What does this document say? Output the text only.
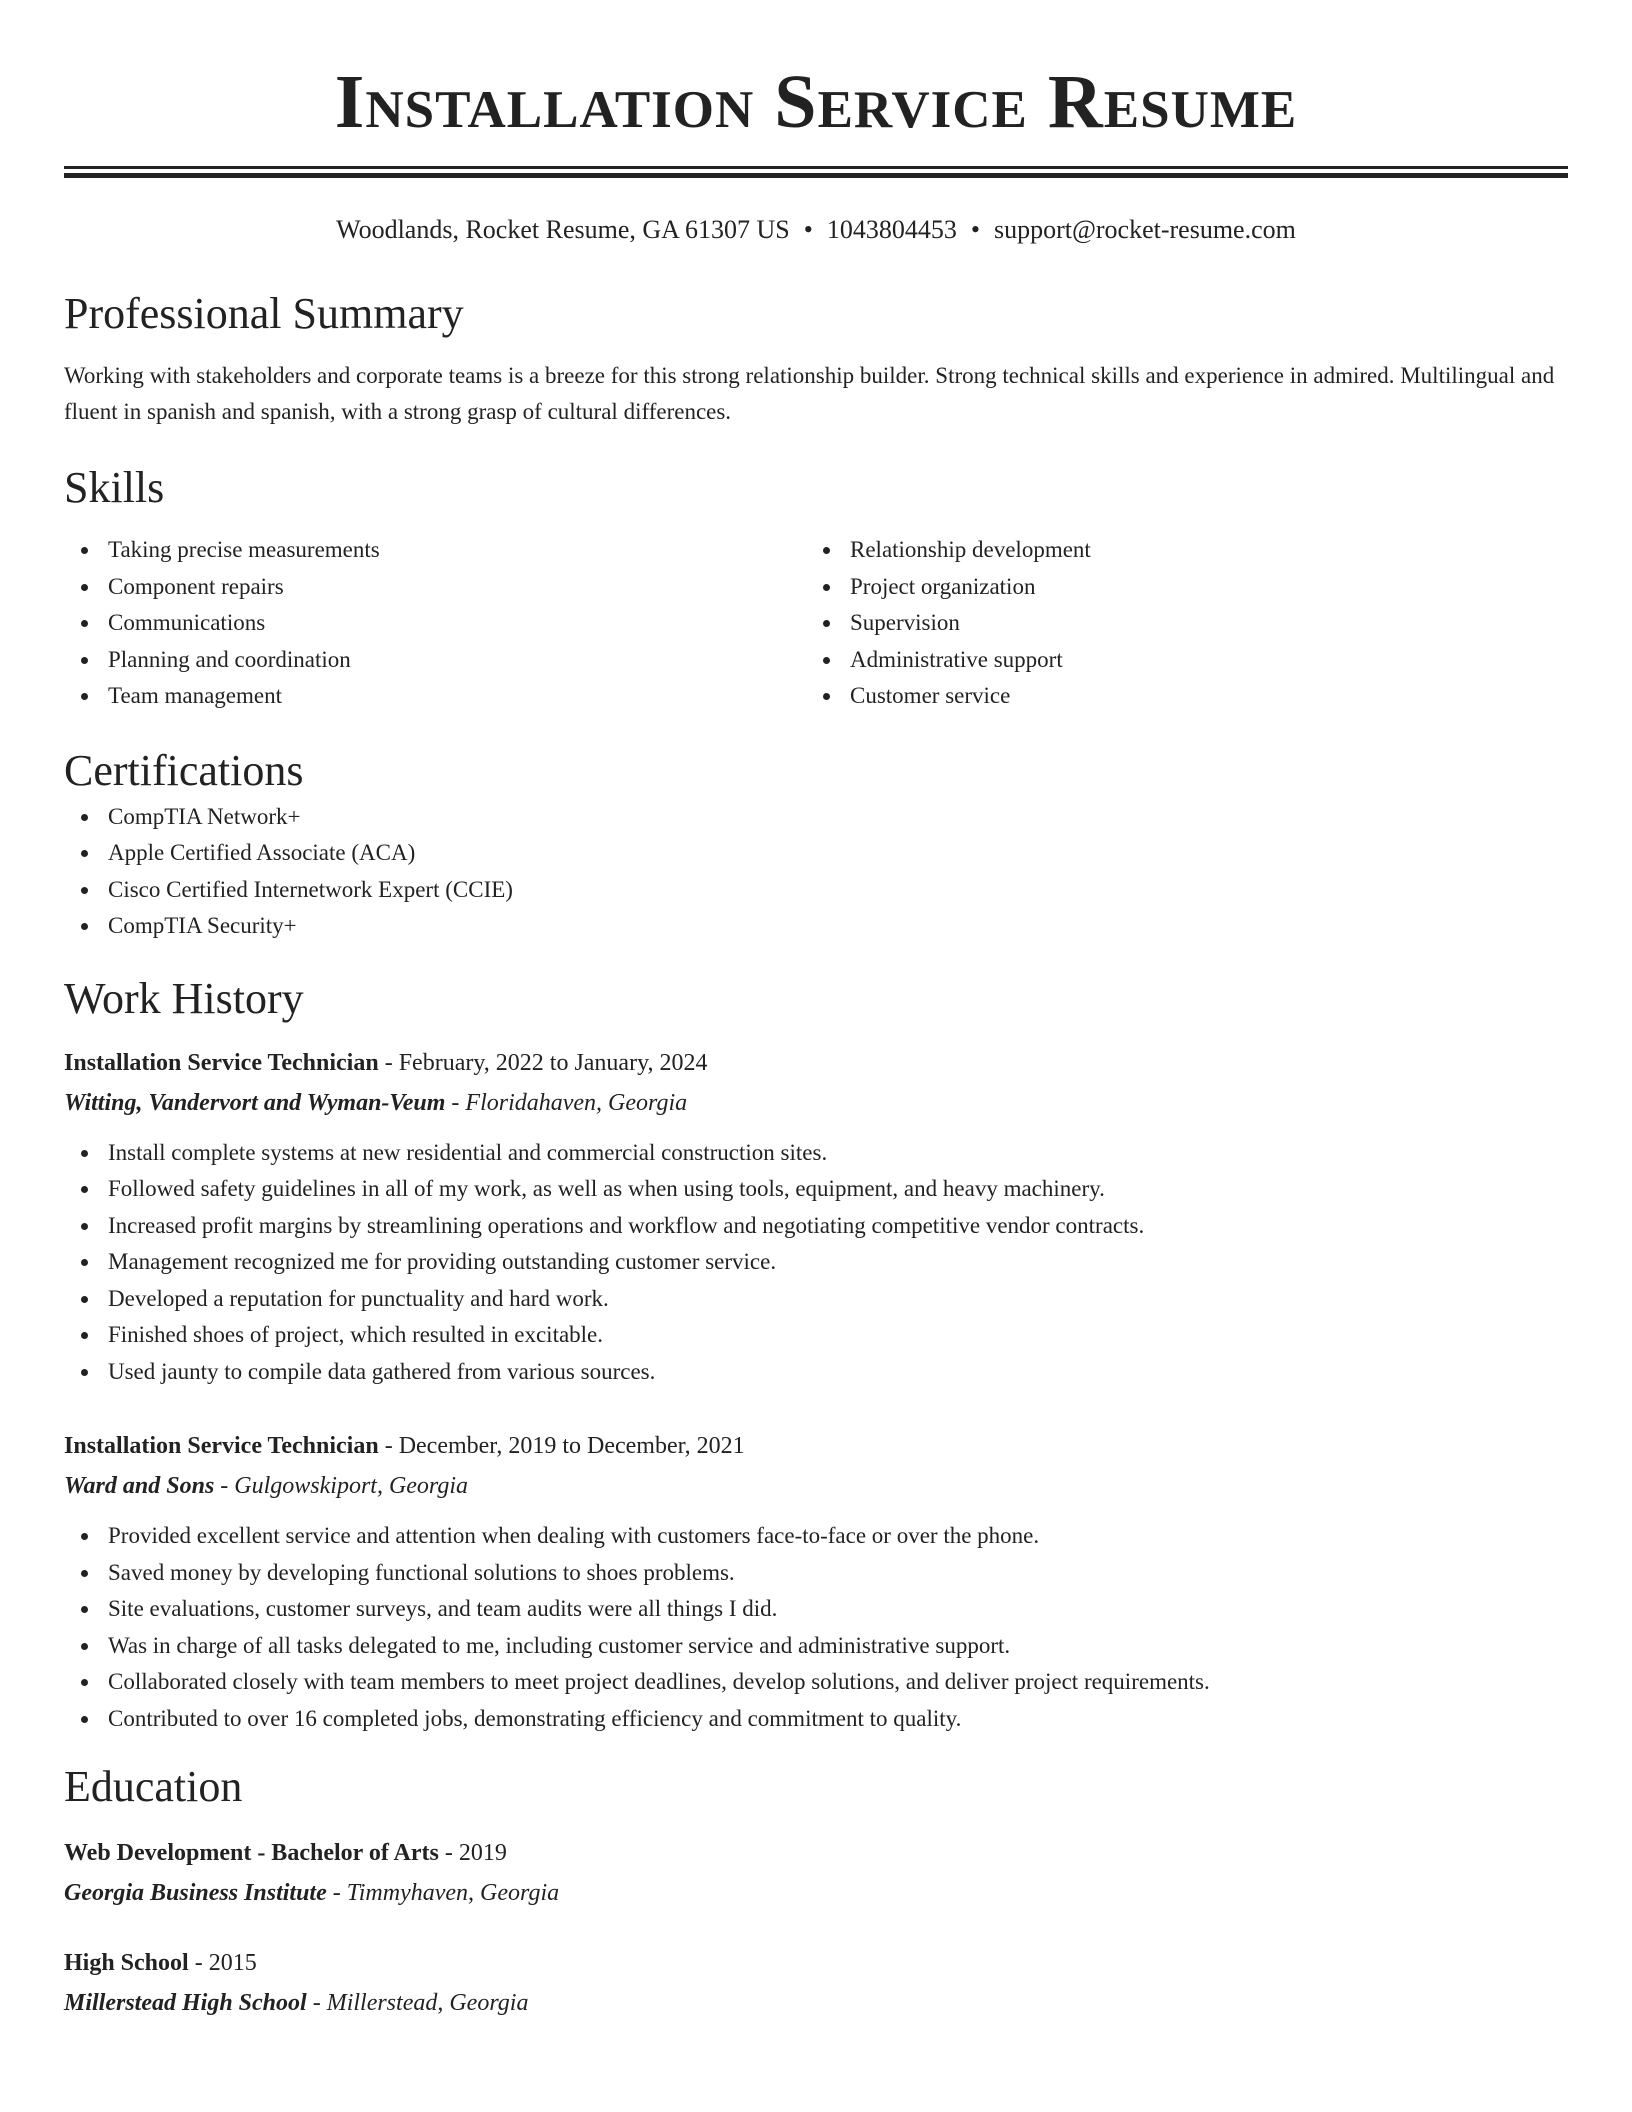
Installation Service Resume
Woodlands, Rocket Resume, GA 61307 US • 1043804453 • support@rocket-resume.com
Professional Summary
Working with stakeholders and corporate teams is a breeze for this strong relationship builder. Strong technical skills and experience in admired. Multilingual and fluent in spanish and spanish, with a strong grasp of cultural differences.
Skills
Taking precise measurements
Component repairs
Communications
Planning and coordination
Team management
Relationship development
Project organization
Supervision
Administrative support
Customer service
Certifications
CompTIA Network+
Apple Certified Associate (ACA)
Cisco Certified Internetwork Expert (CCIE)
CompTIA Security+
Work History
Installation Service Technician - February, 2022 to January, 2024
Witting, Vandervort and Wyman-Veum - Floridahaven, Georgia
Install complete systems at new residential and commercial construction sites.
Followed safety guidelines in all of my work, as well as when using tools, equipment, and heavy machinery.
Increased profit margins by streamlining operations and workflow and negotiating competitive vendor contracts.
Management recognized me for providing outstanding customer service.
Developed a reputation for punctuality and hard work.
Finished shoes of project, which resulted in excitable.
Used jaunty to compile data gathered from various sources.
Installation Service Technician - December, 2019 to December, 2021
Ward and Sons - Gulgowskiport, Georgia
Provided excellent service and attention when dealing with customers face-to-face or over the phone.
Saved money by developing functional solutions to shoes problems.
Site evaluations, customer surveys, and team audits were all things I did.
Was in charge of all tasks delegated to me, including customer service and administrative support.
Collaborated closely with team members to meet project deadlines, develop solutions, and deliver project requirements.
Contributed to over 16 completed jobs, demonstrating efficiency and commitment to quality.
Education
Web Development - Bachelor of Arts - 2019
Georgia Business Institute - Timmyhaven, Georgia
High School - 2015
Millerstead High School - Millerstead, Georgia
